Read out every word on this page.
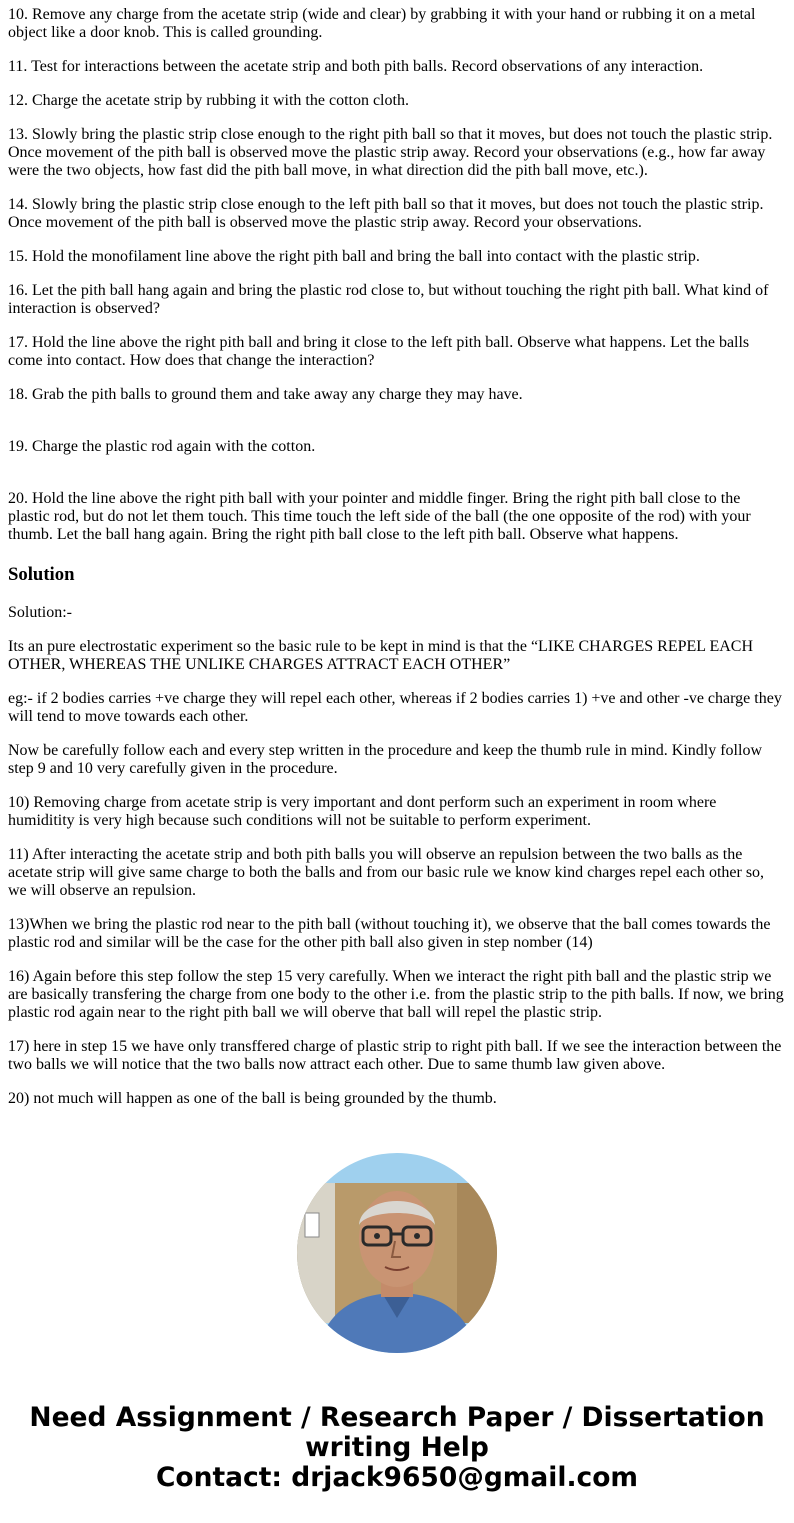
10. Remove any charge from the acetate strip (wide and clear) by grabbing it with your hand or rubbing it on a metal object like a door knob. This is called grounding.

11. Test for interactions between the acetate strip and both pith balls. Record observations of any interaction.

12. Charge the acetate strip by rubbing it with the cotton cloth.

13. Slowly bring the plastic strip close enough to the right pith ball so that it moves, but does not touch the plastic strip. Once movement of the pith ball is observed move the plastic strip away. Record your observations (e.g., how far away were the two objects, how fast did the pith ball move, in what direction did the pith ball move, etc.).

14. Slowly bring the plastic strip close enough to the left pith ball so that it moves, but does not touch the plastic strip. Once movement of the pith ball is observed move the plastic strip away. Record your observations.

15. Hold the monofilament line above the right pith ball and bring the ball into contact with the plastic strip.

16. Let the pith ball hang again and bring the plastic rod close to, but without touching the right pith ball. What kind of interaction is observed?

17. Hold the line above the right pith ball and bring it close to the left pith ball. Observe what happens. Let the balls come into contact. How does that change the interaction?

18. Grab the pith balls to ground them and take away any charge they may have.

19. Charge the plastic rod again with the cotton.

20. Hold the line above the right pith ball with your pointer and middle finger. Bring the right pith ball close to the plastic rod, but do not let them touch. This time touch the left side of the ball (the one opposite of the rod) with your thumb. Let the ball hang again. Bring the right pith ball close to the left pith ball. Observe what happens.

Solution

Solution:-

Its an pure electrostatic experiment so the basic rule to be kept in mind is that the “LIKE CHARGES REPEL EACH OTHER, WHEREAS THE UNLIKE CHARGES ATTRACT EACH OTHER”

eg:- if 2 bodies carries +ve charge they will repel each other, whereas if 2 bodies carries 1) +ve and other -ve charge they will tend to move towards each other.

Now be carefully follow each and every step written in the procedure and keep the thumb rule in mind. Kindly follow step 9 and 10 very carefully given in the procedure.

10) Removing charge from acetate strip is very important and dont perform such an experiment in room where humiditity is very high because such conditions will not be suitable to perform experiment.

11) After interacting the acetate strip and both pith balls you will observe an repulsion between the two balls as the acetate strip will give same charge to both the balls and from our basic rule we know kind charges repel each other so, we will observe an repulsion.

13)When we bring the plastic rod near to the pith ball (without touching it), we observe that the ball comes towards the plastic rod and similar will be the case for the other pith ball also given in step nomber (14)

16) Again before this step follow the step 15 very carefully. When we interact the right pith ball and the plastic strip we are basically transfering the charge from one body to the other i.e. from the plastic strip to the pith balls. If now, we bring plastic rod again near to the right pith ball we will oberve that ball will repel the plastic strip.

17) here in step 15 we have only transffered charge of plastic strip to right pith ball. If we see the interaction between the two balls we will notice that the two balls now attract each other. Due to same thumb law given above.

20) not much will happen as one of the ball is being grounded by the thumb.

Need Assignment / Research Paper / Dissertation writing Help
Contact: drjack9650@gmail.com
